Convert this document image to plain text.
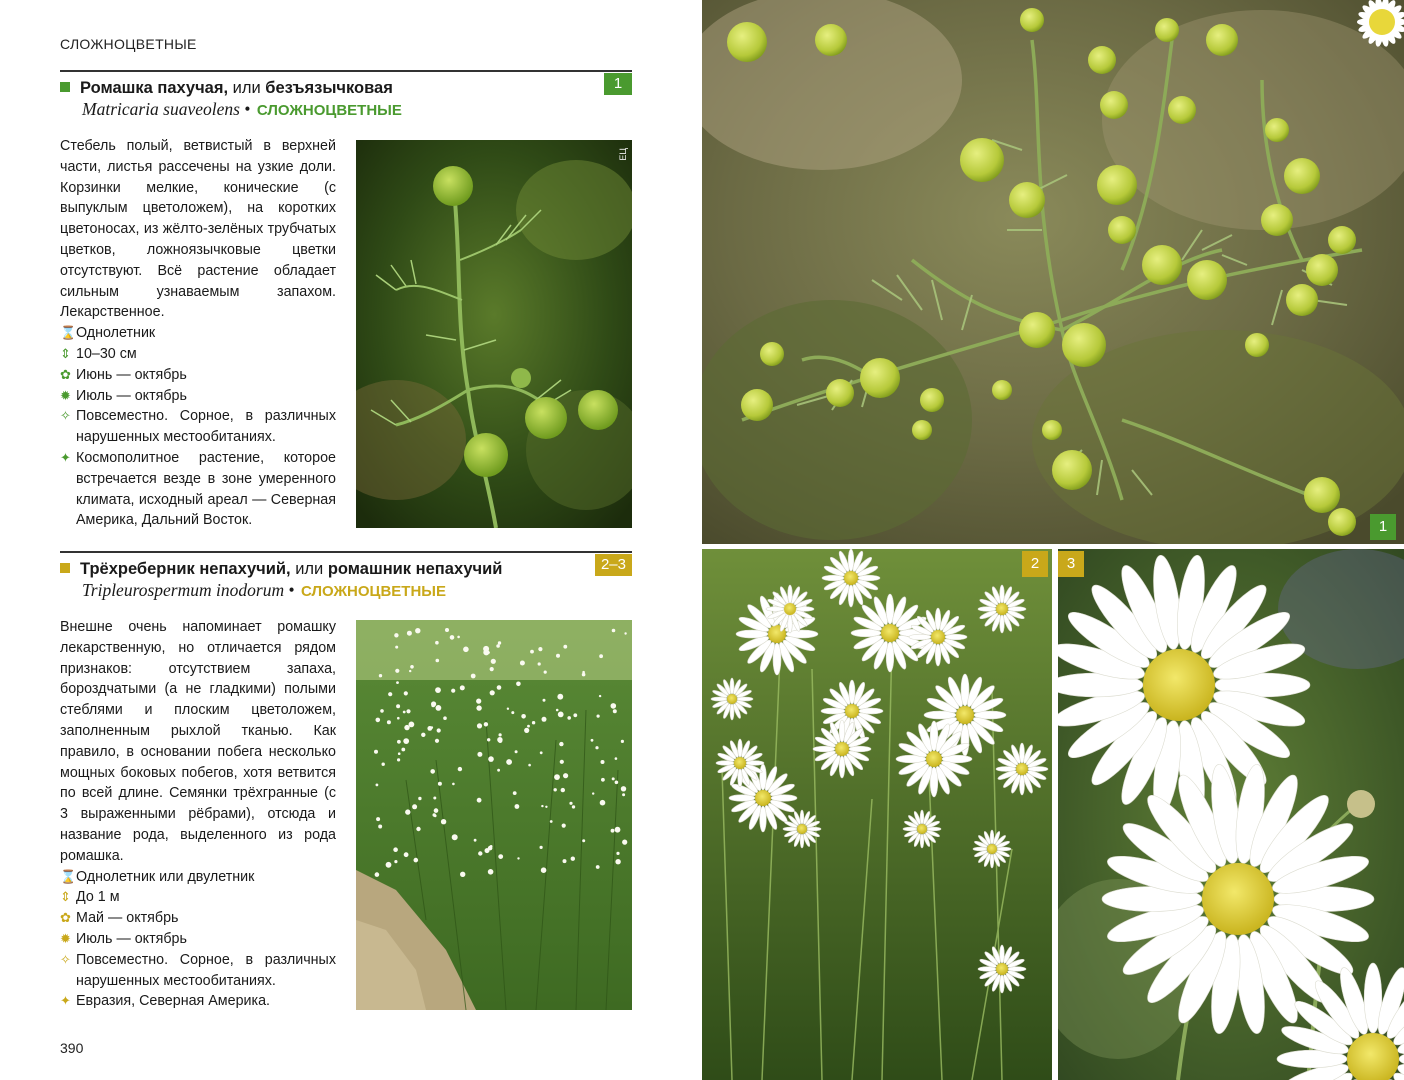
СЛОЖНОЦВЕТНЫЕ
Ромашка пахучая, или безъязычковая
Matricaria suaveolens • СЛОЖНОЦВЕТНЫЕ
1

Стебель полый, ветвистый в верхней части, листья рассечены на узкие доли. Корзинки мелкие, конические (с выпуклым цветоложем), на коротких цветоносах, из жёлто-зелёных трубчатых цветков, ложноязычковые цветки отсутствуют. Всё растение обладает сильным узнаваемым запахом. Лекарственное.

⌛ Однолетник
⇕ 10–30 см
✿ Июнь — октябрь
✹ Июль — октябрь
✧ Повсеместно. Сорное, в различных нарушенных местообитаниях.
✦ Космополитное растение, которое встречается везде в зоне умеренного климата, исходный ареал — Северная Америка, Дальний Восток.
ЕЦ
Трёхреберник непахучий, или ромашник непахучий
Tripleurospermum inodorum • СЛОЖНОЦВЕТНЫЕ
2–3

Внешне очень напоминает ромашку лекарственную, но отличается рядом признаков: отсутствием запаха, бороздчатыми (а не гладкими) полыми стеблями и плоским цветоложем, заполненным рыхлой тканью. Как правило, в основании побега несколько мощных боковых побегов, хотя ветвится по всей длине. Семянки трёхгранные (с 3 выраженными рёбрами), отсюда и название рода, выделенного из рода ромашка.

⌛ Однолетник или двулетник
⇕ До 1 м
✿ Май — октябрь
✹ Июль — октябрь
✧ Повсеместно. Сорное, в различных нарушенных местообитаниях.
✦ Евразия, Северная Америка.
390
1
2	3
